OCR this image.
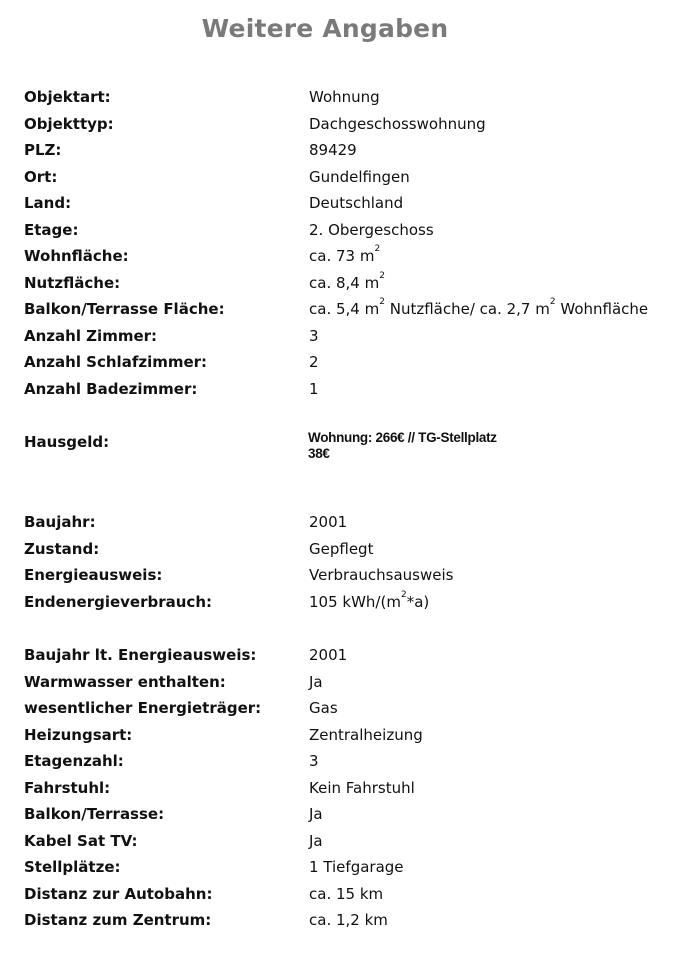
Weitere Angaben
Objektart:	Wohnung
Objekttyp:	Dachgeschosswohnung
PLZ:	89429
Ort:	Gundelfingen
Land:	Deutschland
Etage:	2. Obergeschoss
Wohnfläche:	ca. 73 $m^2$
Nutzfläche:	ca. 8,4 $m^2$
Balkon/Terrasse Fläche:	ca. 5,4 $m^2$ Nutzfläche/ ca. 2,7 $m^2$ Wohnfläche
Anzahl Zimmer:	3
Anzahl Schlafzimmer:	2
Anzahl Badezimmer:	1
Hausgeld:	Wohnung: 266€ // TG-Stellplatz
38€
Baujahr:	2001
Zustand:	Gepflegt
Energieausweis:	Verbrauchsausweis
Endenergieverbrauch:	105 kWh/$(m^2*a)$
Baujahr lt. Energieausweis:	2001
Warmwasser enthalten:	Ja
wesentlicher Energieträger:	Gas
Heizungsart:	Zentralheizung
Etagenzahl:	3
Fahrstuhl:	Kein Fahrstuhl
Balkon/Terrasse:	Ja
Kabel Sat TV:	Ja
Stellplätze:	1 Tiefgarage
Distanz zur Autobahn:	ca. 15 km
Distanz zum Zentrum:	ca. 1,2 km
